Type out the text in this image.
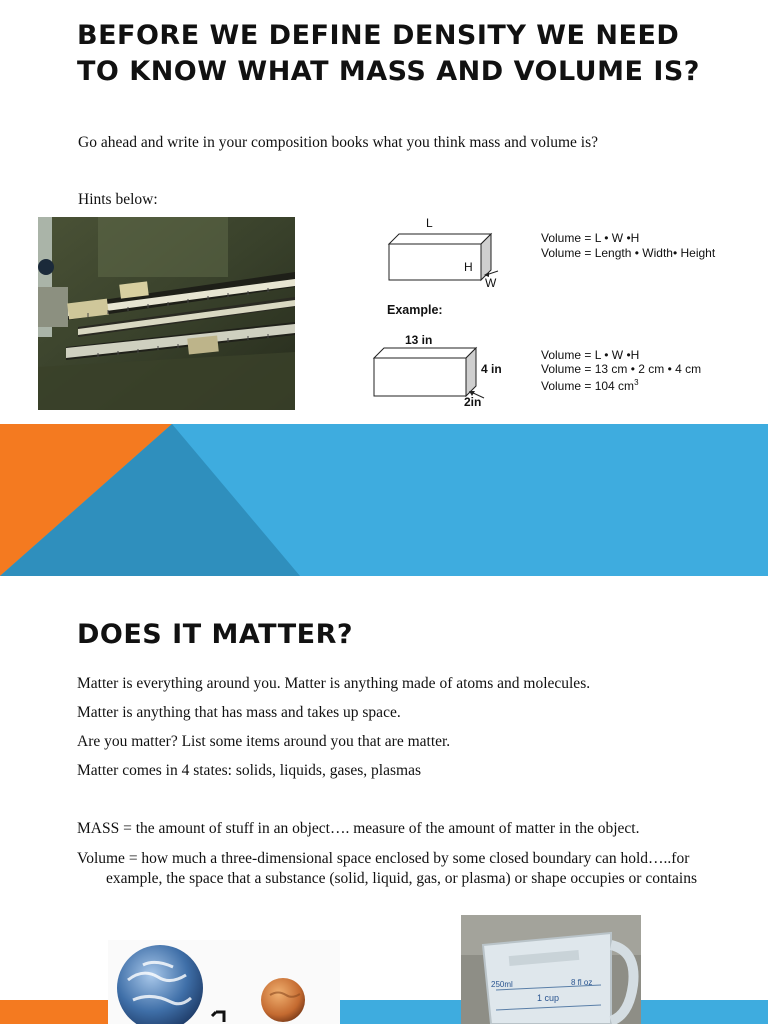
BEFORE WE DEFINE DENSITY WE NEED TO KNOW WHAT MASS AND VOLUME IS?

Go ahead and write in your composition books what you think mass and volume is?

Hints below:

L
H
W
Volume = L • W •H
Volume = Length • Width• Height
Example:
13 in
4 in
2in
Volume = L • W •H
Volume = 13 cm • 2 cm • 4 cm
Volume = 104 $cm^3$
DOES IT MATTER?
Matter is everything around you. Matter is anything made of atoms and molecules.
Matter is anything that has mass and takes up space.
Are you matter? List some items around you that are matter.
Matter comes in 4 states: solids, liquids, gases, plasmas
MASS = the amount of stuff in an object…. measure of the amount of matter in the object.
Volume = how much a three-dimensional space enclosed by some closed boundary can hold…..for example, the space that a substance (solid, liquid, gas, or plasma) or shape occupies or contains
250ml
1 cup
8 fl oz
